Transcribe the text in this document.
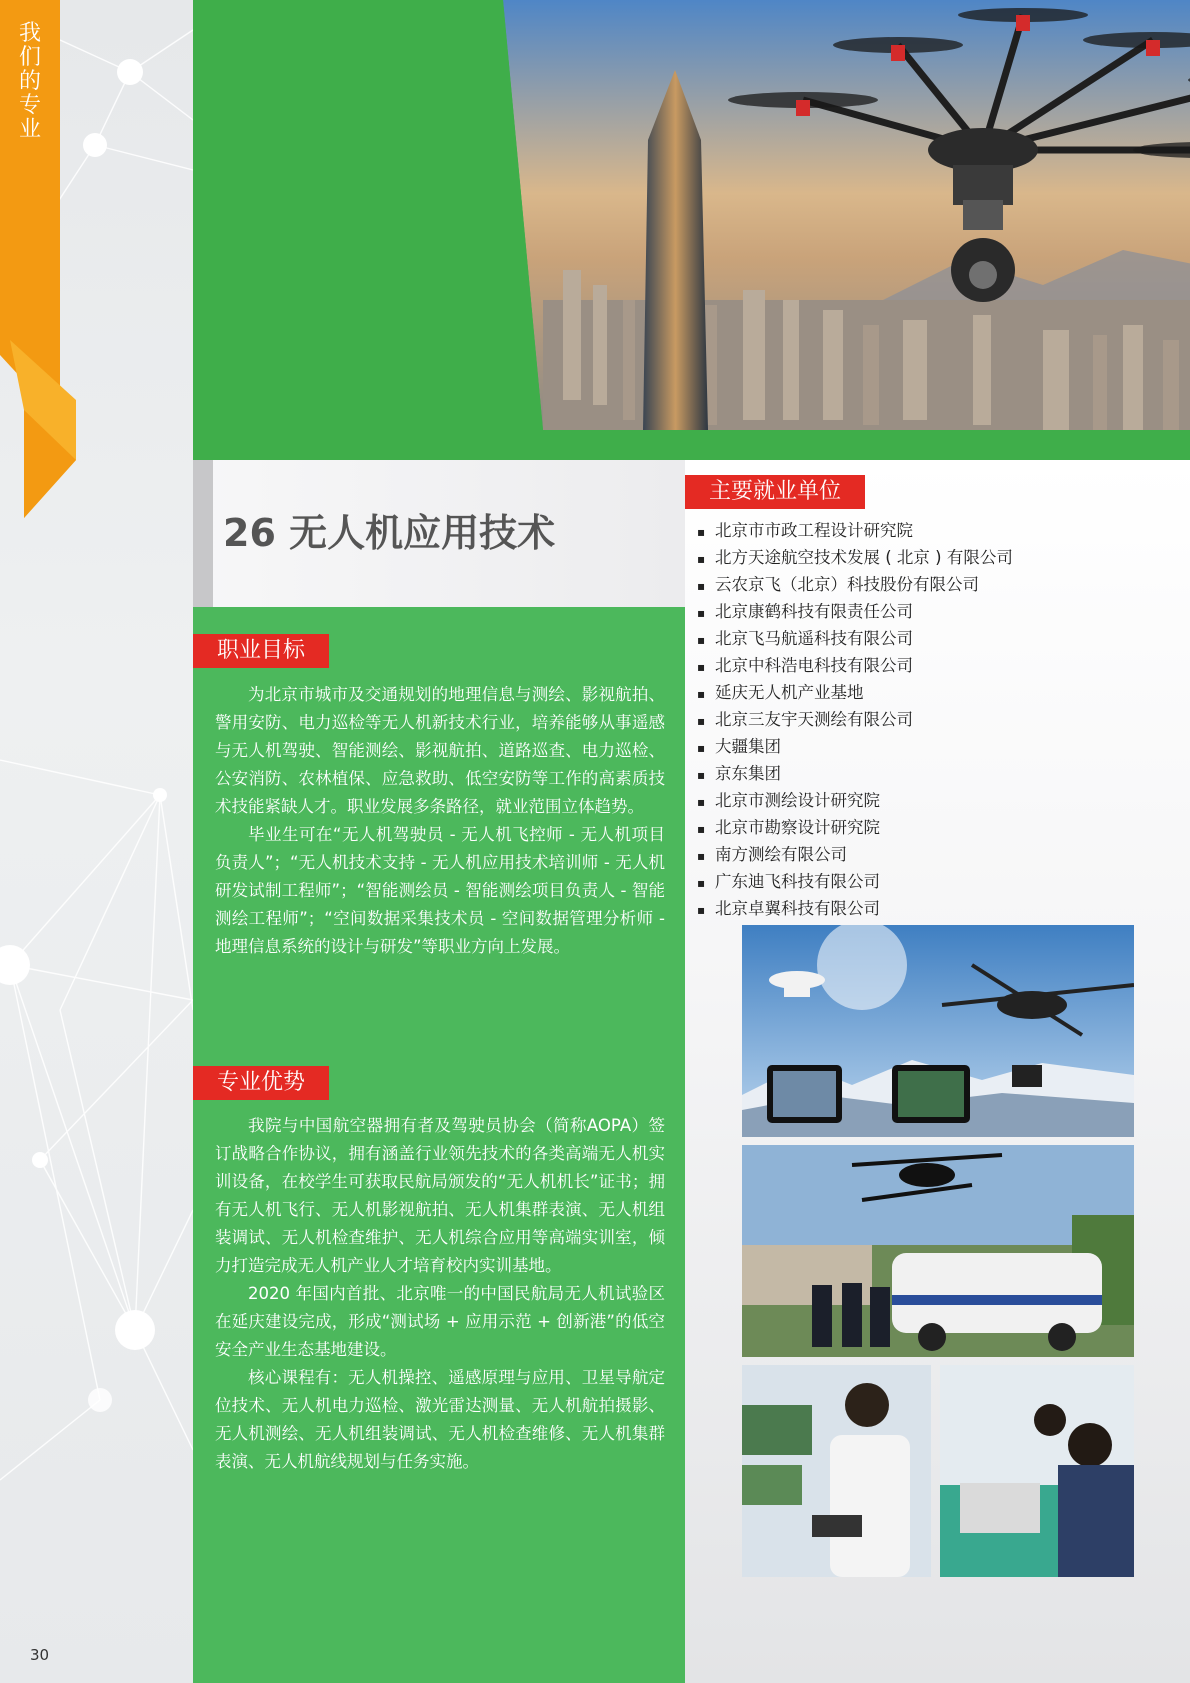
我
们
的
专
业
30
26 无人机应用技术
职业目标

为北京市城市及交通规划的地理信息与测绘、影视航拍、警用安防、电力巡检等无人机新技术行业，培养能够从事遥感与无人机驾驶、智能测绘、影视航拍、道路巡查、电力巡检、公安消防、农林植保、应急救助、低空安防等工作的高素质技术技能紧缺人才。职业发展多条路径，就业范围立体趋势。

毕业生可在“无人机驾驶员 - 无人机飞控师 - 无人机项目负责人”；“无人机技术支持 - 无人机应用技术培训师 - 无人机研发试制工程师”；“智能测绘员 - 智能测绘项目负责人 - 智能测绘工程师”；“空间数据采集技术员 - 空间数据管理分析师 - 地理信息系统的设计与研发”等职业方向上发展。

专业优势

我院与中国航空器拥有者及驾驶员协会（简称AOPA）签订战略合作协议，拥有涵盖行业领先技术的各类高端无人机实训设备，在校学生可获取民航局颁发的“无人机机长”证书；拥有无人机飞行、无人机影视航拍、无人机集群表演、无人机组装调试、无人机检查维护、无人机综合应用等高端实训室，倾力打造完成无人机产业人才培育校内实训基地。

2020 年国内首批、北京唯一的中国民航局无人机试验区在延庆建设完成，形成“测试场 + 应用示范 + 创新港”的低空安全产业生态基地建设。

核心课程有：无人机操控、遥感原理与应用、卫星导航定位技术、无人机电力巡检、激光雷达测量、无人机航拍摄影、无人机测绘、无人机组装调试、无人机检查维修、无人机集群表演、无人机航线规划与任务实施。

主要就业单位
▪ 北京市市政工程设计研究院
▪ 北方天途航空技术发展 ( 北京 ) 有限公司
▪ 云农京飞（北京）科技股份有限公司
▪ 北京康鹤科技有限责任公司
▪ 北京飞马航遥科技有限公司
▪ 北京中科浩电科技有限公司
▪ 延庆无人机产业基地
▪ 北京三友宇天测绘有限公司
▪ 大疆集团
▪ 京东集团
▪ 北京市测绘设计研究院
▪ 北京市勘察设计研究院
▪ 南方测绘有限公司
▪ 广东迪飞科技有限公司
▪ 北京卓翼科技有限公司
